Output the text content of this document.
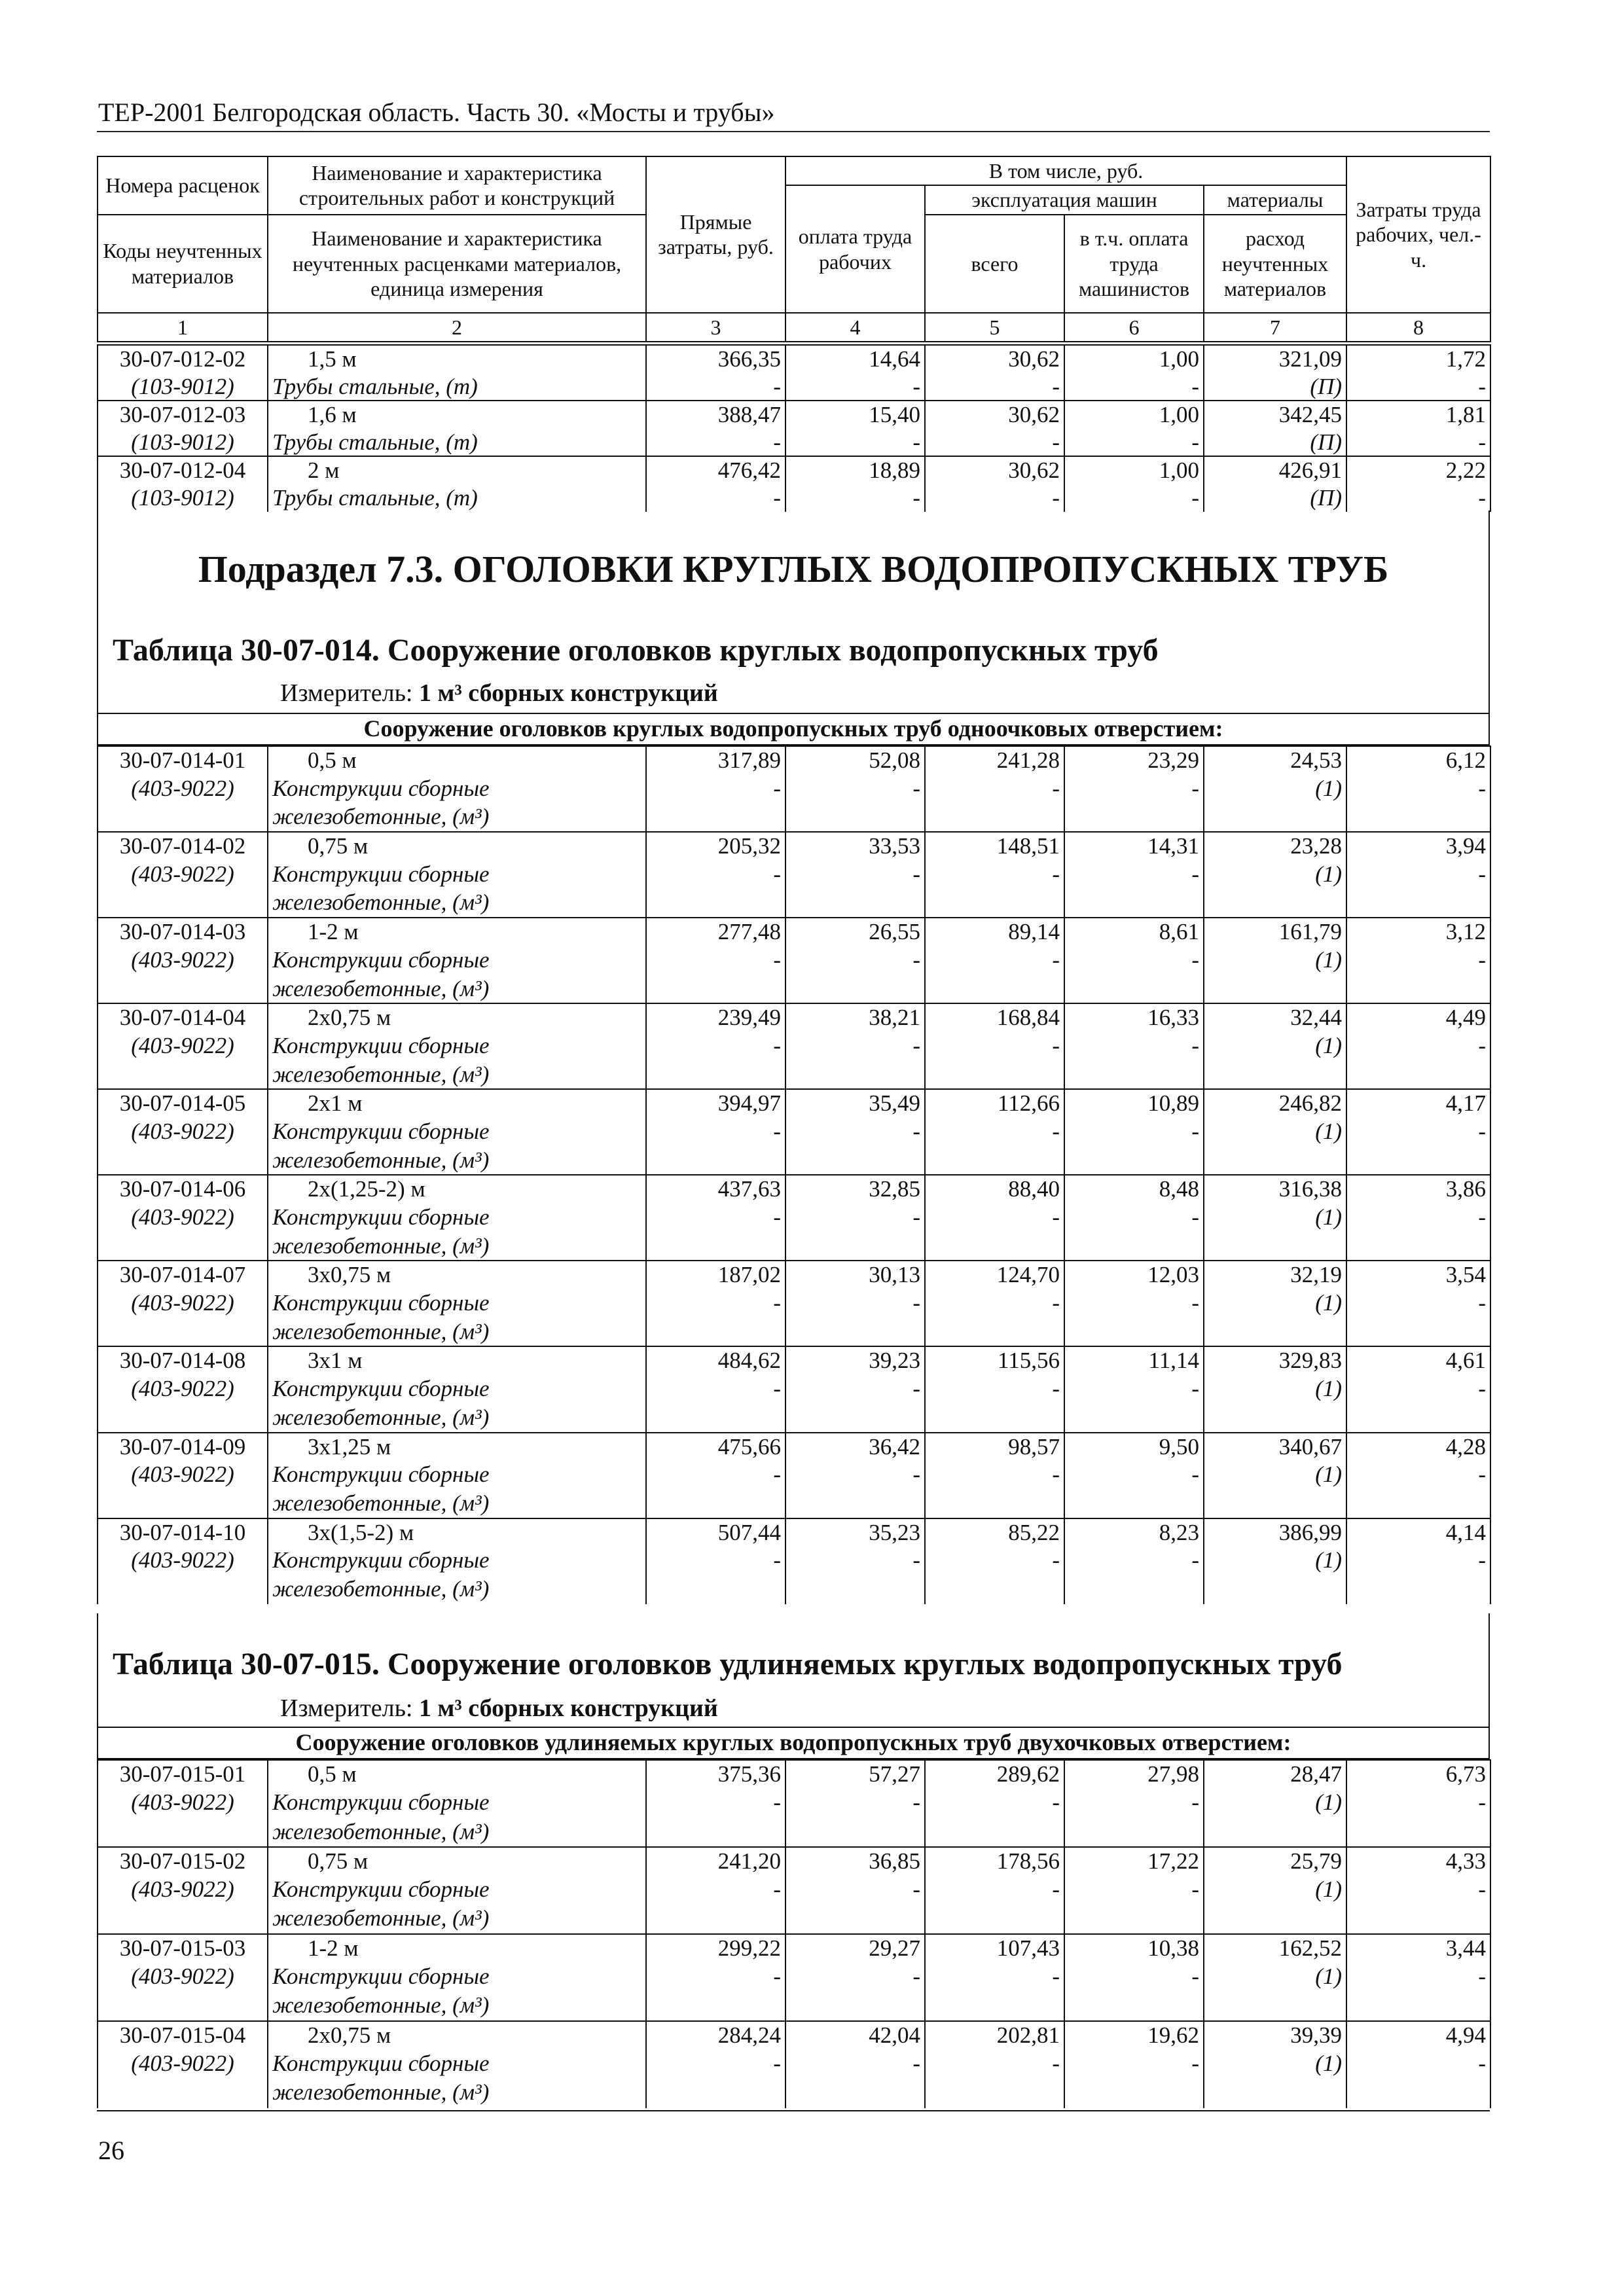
ТЕР-2001 Белгородская область. Часть 30. «Мосты и трубы»
Номера расценок	Наименование и характеристика строительных работ и конструкций	Прямые затраты, руб.	В том числе, руб.				Затраты труда рабочих, чел.-ч.
			оплата труда рабочих	эксплуатация машин		материалы	
Коды неучтенных материалов	Наименование и характеристика неучтенных расценками материалов, единица измерения			всего	в т.ч. оплата труда машинистов	расход неучтенных материалов	

1	2	3	4	5	6	7	8
30-07-012-02	1,5 м	366,35	14,64	30,62	1,00	321,09	1,72
(103-9012)	Трубы стальные, (т)	-	-	-	-	(П)	-
30-07-012-03	1,6 м	388,47	15,40	30,62	1,00	342,45	1,81
(103-9012)	Трубы стальные, (т)	-	-	-	-	(П)	-
30-07-012-04	2 м	476,42	18,89	30,62	1,00	426,91	2,22
(103-9012)	Трубы стальные, (т)	-	-	-	-	(П)	-
Подраздел 7.3. ОГОЛОВКИ КРУГЛЫХ ВОДОПРОПУСКНЫХ ТРУБ
Таблица 30-07-014. Сооружение оголовков круглых водопропускных труб
Измеритель: 1 м³ сборных конструкций
Сооружение оголовков круглых водопропускных труб одноочковых отверстием:
30-07-014-01	0,5 м	317,89	52,08	241,28	23,29	24,53	6,12
(403-9022)	Конструкции сборные	-	-	-	-	(1)	-
	железобетонные, (м³)						
30-07-014-02	0,75 м	205,32	33,53	148,51	14,31	23,28	3,94
(403-9022)	Конструкции сборные	-	-	-	-	(1)	-
	железобетонные, (м³)						
30-07-014-03	1-2 м	277,48	26,55	89,14	8,61	161,79	3,12
(403-9022)	Конструкции сборные	-	-	-	-	(1)	-
	железобетонные, (м³)						
30-07-014-04	2х0,75 м	239,49	38,21	168,84	16,33	32,44	4,49
(403-9022)	Конструкции сборные	-	-	-	-	(1)	-
	железобетонные, (м³)						
30-07-014-05	2х1 м	394,97	35,49	112,66	10,89	246,82	4,17
(403-9022)	Конструкции сборные	-	-	-	-	(1)	-
	железобетонные, (м³)						
30-07-014-06	2х(1,25-2) м	437,63	32,85	88,40	8,48	316,38	3,86
(403-9022)	Конструкции сборные	-	-	-	-	(1)	-
	железобетонные, (м³)						
30-07-014-07	3х0,75 м	187,02	30,13	124,70	12,03	32,19	3,54
(403-9022)	Конструкции сборные	-	-	-	-	(1)	-
	железобетонные, (м³)						
30-07-014-08	3х1 м	484,62	39,23	115,56	11,14	329,83	4,61
(403-9022)	Конструкции сборные	-	-	-	-	(1)	-
	железобетонные, (м³)						
30-07-014-09	3х1,25 м	475,66	36,42	98,57	9,50	340,67	4,28
(403-9022)	Конструкции сборные	-	-	-	-	(1)	-
	железобетонные, (м³)						
30-07-014-10	3х(1,5-2) м	507,44	35,23	85,22	8,23	386,99	4,14
(403-9022)	Конструкции сборные	-	-	-	-	(1)	-
	железобетонные, (м³)						
Таблица 30-07-015. Сооружение оголовков удлиняемых круглых водопропускных труб
Измеритель: 1 м³ сборных конструкций
Сооружение оголовков удлиняемых круглых водопропускных труб двухочковых отверстием:
30-07-015-01	0,5 м	375,36	57,27	289,62	27,98	28,47	6,73
(403-9022)	Конструкции сборные	-	-	-	-	(1)	-
	железобетонные, (м³)						
30-07-015-02	0,75 м	241,20	36,85	178,56	17,22	25,79	4,33
(403-9022)	Конструкции сборные	-	-	-	-	(1)	-
	железобетонные, (м³)						
30-07-015-03	1-2 м	299,22	29,27	107,43	10,38	162,52	3,44
(403-9022)	Конструкции сборные	-	-	-	-	(1)	-
	железобетонные, (м³)						
30-07-015-04	2х0,75 м	284,24	42,04	202,81	19,62	39,39	4,94
(403-9022)	Конструкции сборные	-	-	-	-	(1)	-
	железобетонные, (м³)						
26
